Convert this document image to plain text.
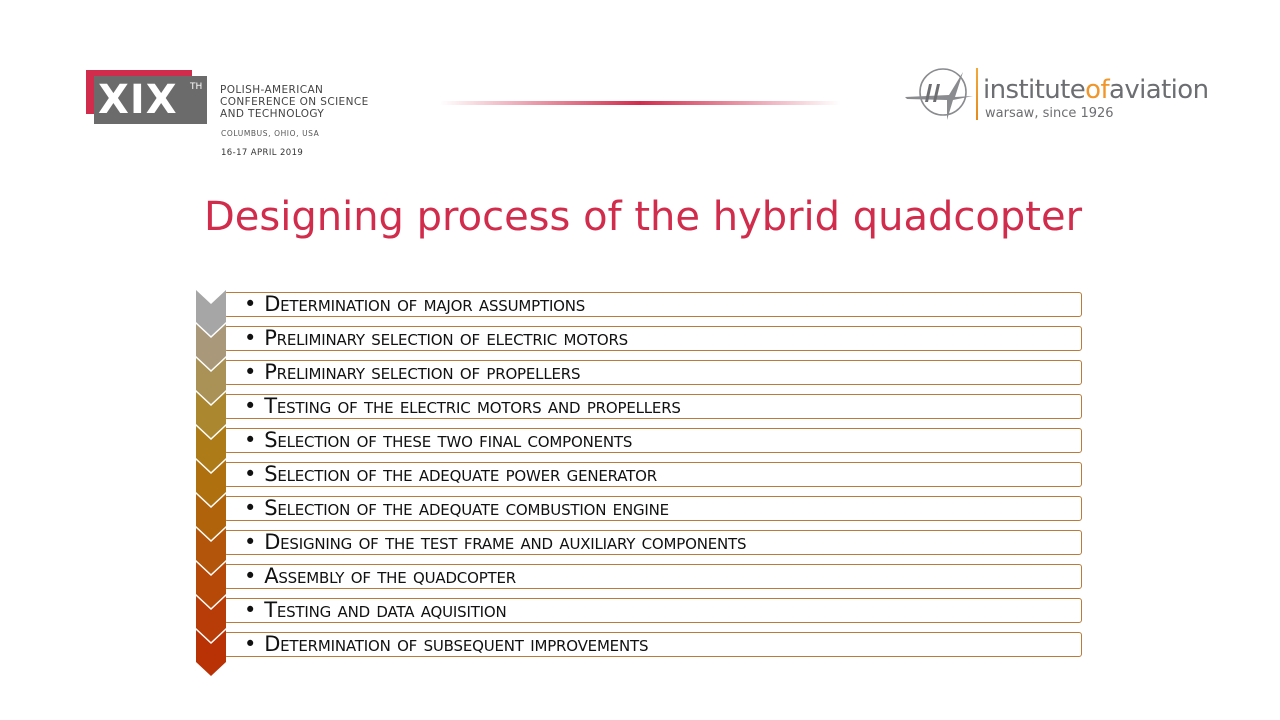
XIX TH POLISH-AMERICAN
CONFERENCE ON SCIENCE
AND TECHNOLOGY
COLUMBUS, OHIO, USA
16-17 APRIL 2019
instituteofaviation
warsaw, since 1926
Designing process of the hybrid quadcopter
• Determination of major assumptions
• Preliminary selection of electric motors
• Preliminary selection of propellers
• Testing of the electric motors and propellers
• Selection of these two final components
• Selection of the adequate power generator
• Selection of the adequate combustion engine
• Designing of the test frame and auxiliary components
• Assembly of the quadcopter
• Testing and data aquisition
• Determination of subsequent improvements
